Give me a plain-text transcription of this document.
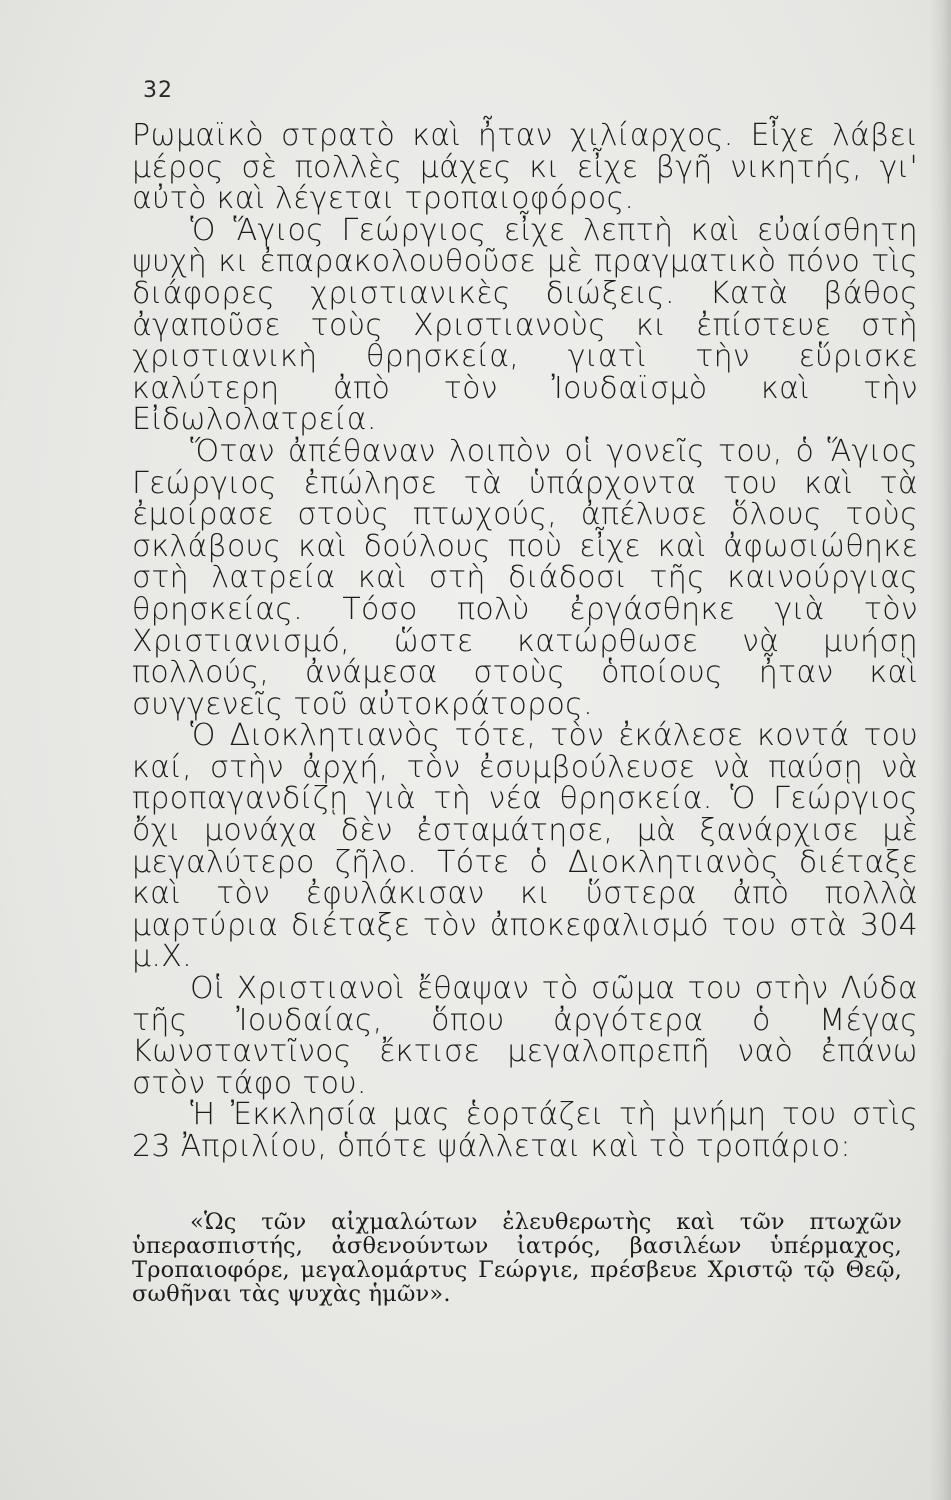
32

Ρωμαϊκὸ στρατὸ καὶ ἦταν χιλίαρχος. Εἶχε λάβει μέρος σὲ πολλὲς μάχες κι εἶχε βγῆ νικητής, γι' αὐτὸ καὶ λέγεται τροπαιοφόρος.

Ὁ Ἅγιος Γεώργιος εἶχε λεπτὴ καὶ εὐαίσθητη ψυχὴ κι ἐπαρακολουθοῦσε μὲ πραγματικὸ πόνο τὶς διάφορες χριστιανικὲς διώξεις. Κατὰ βάθος ἀγαποῦσε τοὺς Χριστιανοὺς κι ἐπίστευε στὴ χριστιανικὴ θρησκεία, γιατὶ τὴν εὕρισκε καλύτερη ἀπὸ τὸν Ἰουδαϊσμὸ καὶ τὴν Εἰδωλολατρεία.

Ὅταν ἀπέθαναν λοιπὸν οἱ γονεῖς του, ὁ Ἅγιος Γεώργιος ἐπώλησε τὰ ὑπάρχοντα του καὶ τὰ ἐμοίρασε στοὺς πτωχούς, ἀπέλυσε ὅλους τοὺς σκλάβους καὶ δούλους ποὺ εἶχε καὶ ἀφωσιώθηκε στὴ λατρεία καὶ στὴ διάδοσι τῆς καινούργιας θρησκείας. Τόσο πολὺ ἐργάσθηκε γιὰ τὸν Χριστιανισμό, ὥστε κατώρθωσε νὰ μυήσῃ πολλούς, ἀνάμεσα στοὺς ὁποίους ἦταν καὶ συγγενεῖς τοῦ αὐτοκράτορος.

Ὁ Διοκλητιανὸς τότε, τὸν ἐκάλεσε κοντά του καί, στὴν ἀρχή, τὸν ἐσυμβούλευσε νὰ παύσῃ νὰ προπαγανδίζῃ γιὰ τὴ νέα θρησκεία. Ὁ Γεώργιος ὄχι μονάχα δὲν ἐσταμάτησε, μὰ ξανάρχισε μὲ μεγαλύτερο ζῆλο. Τότε ὁ Διοκλητιανὸς διέταξε καὶ τὸν ἐφυλάκισαν κι ὕστερα ἀπὸ πολλὰ μαρτύρια διέταξε τὸν ἀποκεφαλισμό του στὰ 304 μ.Χ.

Οἱ Χριστιανοὶ ἔθαψαν τὸ σῶμα του στὴν Λύδα τῆς Ἰουδαίας, ὅπου ἀργότερα ὁ Μέγας Κωνσταντῖνος ἔκτισε μεγαλοπρεπῆ ναὸ ἐπάνω στὸν τάφο του.

Ἡ Ἐκκλησία μας ἑορτάζει τὴ μνήμη του στὶς 23 Ἀπριλίου, ὁπότε ψάλλεται καὶ τὸ τροπάριο:

«Ὡς τῶν αἰχμαλώτων ἐλευθερωτὴς καὶ τῶν πτωχῶν ὑπερασπιστής, ἀσθενούντων ἰατρός, βασιλέων ὑπέρμαχος, Τροπαιοφόρε, μεγαλομάρτυς Γεώργιε, πρέσβευε Χριστῷ τῷ Θεῷ, σωθῆναι τὰς ψυχὰς ἡμῶν».
